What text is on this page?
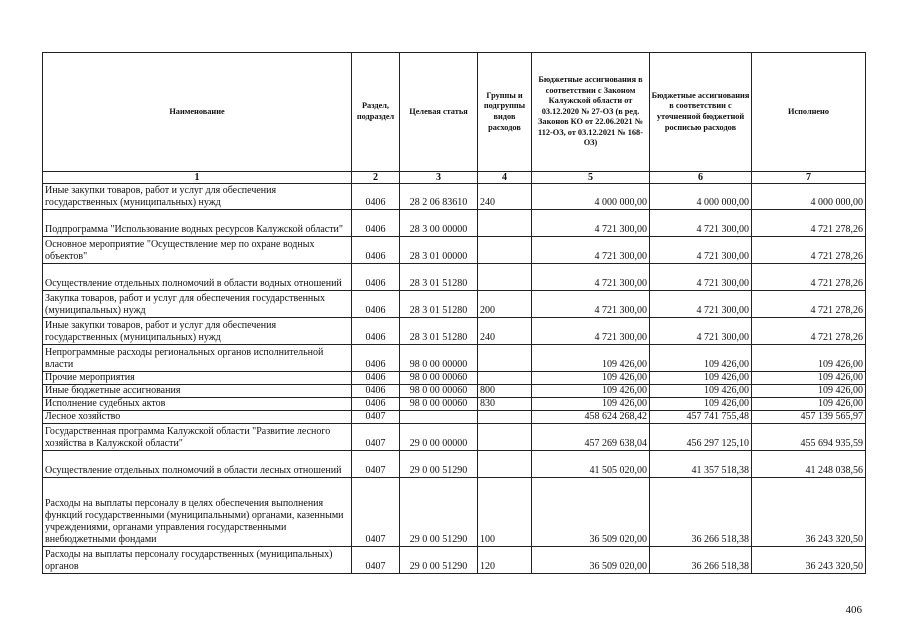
Наименование	Раздел, подраздел	Целевая статья	Группы и подгруппы видов расходов	Бюджетные ассигнования в соответствии с Законом Калужской области от 03.12.2020 № 27-ОЗ (в ред. Законов КО от 22.06.2021 № 112-ОЗ, от 03.12.2021 № 168-ОЗ)	Бюджетные ассигнования в соответствии с уточненной бюджетной росписью расходов	Исполнено
1	2	3	4	5	6	7
Иные закупки товаров, работ и услуг для обеспечения государственных (муниципальных) нужд	0406	28 2 06 83610	240	4 000 000,00	4 000 000,00	4 000 000,00
Подпрограмма "Использование водных ресурсов Калужской области"	0406	28 3 00 00000		4 721 300,00	4 721 300,00	4 721 278,26
Основное мероприятие "Осуществление мер по охране водных объектов"	0406	28 3 01 00000		4 721 300,00	4 721 300,00	4 721 278,26
Осуществление отдельных полномочий в области водных отношений	0406	28 3 01 51280		4 721 300,00	4 721 300,00	4 721 278,26
Закупка товаров, работ и услуг для обеспечения государственных (муниципальных) нужд	0406	28 3 01 51280	200	4 721 300,00	4 721 300,00	4 721 278,26
Иные закупки товаров, работ и услуг для обеспечения государственных (муниципальных) нужд	0406	28 3 01 51280	240	4 721 300,00	4 721 300,00	4 721 278,26
Непрограммные расходы региональных органов исполнительной власти	0406	98 0 00 00000		109 426,00	109 426,00	109 426,00
Прочие мероприятия	0406	98 0 00 00060		109 426,00	109 426,00	109 426,00
Иные бюджетные ассигнования	0406	98 0 00 00060	800	109 426,00	109 426,00	109 426,00
Исполнение судебных актов	0406	98 0 00 00060	830	109 426,00	109 426,00	109 426,00
Лесное хозяйство	0407			458 624 268,42	457 741 755,48	457 139 565,97
Государственная программа Калужской области "Развитие лесного хозяйства в Калужской области"	0407	29 0 00 00000		457 269 638,04	456 297 125,10	455 694 935,59
Осуществление отдельных полномочий в области лесных отношений	0407	29 0 00 51290		41 505 020,00	41 357 518,38	41 248 038,56
Расходы на выплаты персоналу в целях обеспечения выполнения функций государственными (муниципальными) органами, казенными учреждениями, органами управления государственными внебюджетными фондами	0407	29 0 00 51290	100	36 509 020,00	36 266 518,38	36 243 320,50
Расходы на выплаты персоналу государственных (муниципальных) органов	0407	29 0 00 51290	120	36 509 020,00	36 266 518,38	36 243 320,50
406
